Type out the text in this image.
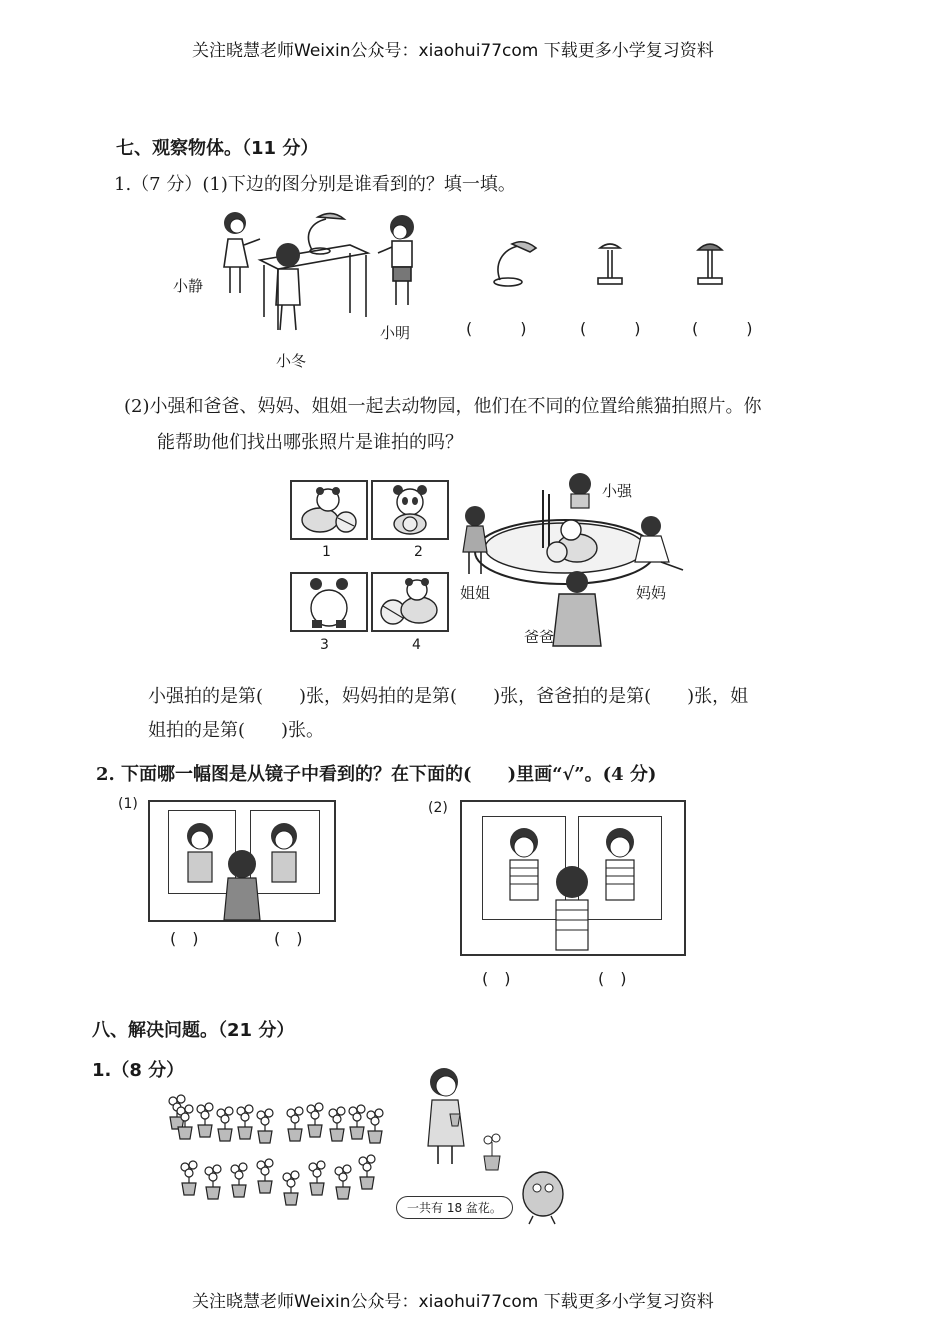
关注晓慧老师Weixin公众号：xiaohui77com 下载更多小学复习资料
关注晓慧老师Weixin公众号：xiaohui77com 下载更多小学复习资料
七、观察物体。（11 分）
1.（7 分）(1)下边的图分别是谁看到的？填一填。
小静
小冬
小明	(　　　)	(　　　)	(　　　)
(2)小强和爸爸、妈妈、姐姐一起去动物园，他们在不同的位置给熊猫拍照片。你
能帮助他们找出哪张照片是谁拍的吗？
1	2
3	4
小强
姐姐	妈妈
爸爸
小强拍的是第(　　)张，妈妈拍的是第(　　)张，爸爸拍的是第(　　)张，姐
姐拍的是第(　　)张。
2. 下面哪一幅图是从镜子中看到的？在下面的(　　)里画“√”。(4 分)
(1)	(2)
(　)	(　)
(　)	(　)
八、解决问题。（21 分）
1.（8 分）
一共有 18 盆花。
